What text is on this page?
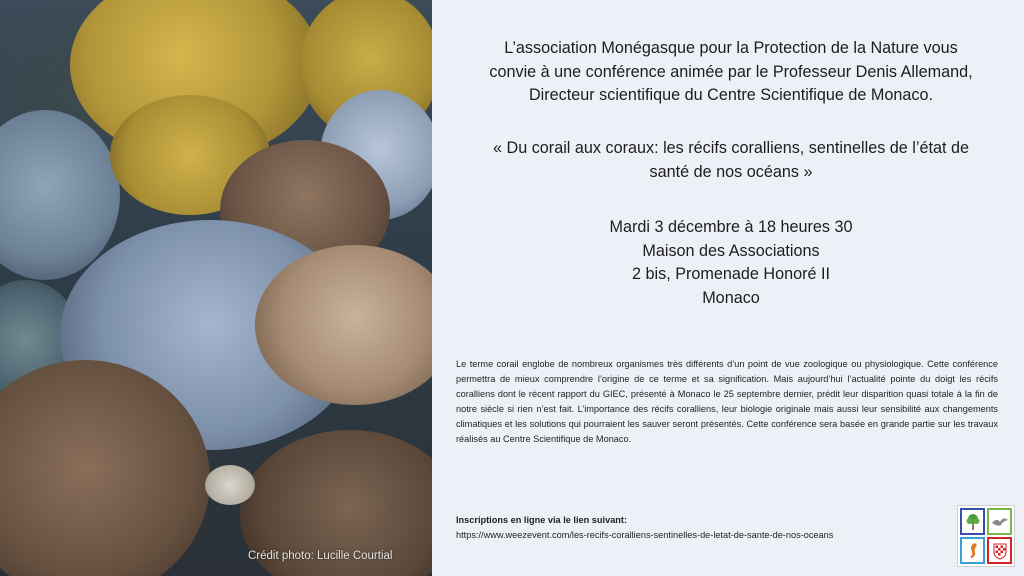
Crédit photo: Lucille Courtial
L’association Monégasque pour la Protection de la Nature vous
convie à une conférence animée par le Professeur Denis Allemand,
Directeur scientifique du Centre Scientifique de Monaco.
« Du corail aux coraux: les récifs coralliens, sentinelles de l’état de
santé de nos océans »
Mardi 3 décembre à 18 heures 30
Maison des Associations
2 bis, Promenade Honoré II
Monaco
Le terme corail englobe de nombreux organismes très différents d’un point de vue zoologique ou physiologique. Cette conférence permettra de mieux comprendre l’origine de ce terme et sa signification. Mais aujourd’hui l’actualité pointe du doigt les récifs coralliens dont le récent rapport du GIEC, présenté à Monaco le 25 septembre dernier, prédit leur disparition quasi totale à la fin de notre siècle si rien n’est fait. L’importance des récifs coralliens, leur biologie originale mais aussi leur sensibilité aux changements climatiques et les solutions qui pourraient les sauver seront présentés. Cette conférence sera basée en grande partie sur les travaux réalisés au Centre Scientifique de Monaco.
Inscriptions en ligne via le lien suivant:
https://www.weezevent.com/les-recifs-coralliens-sentinelles-de-letat-de-sante-de-nos-oceans
